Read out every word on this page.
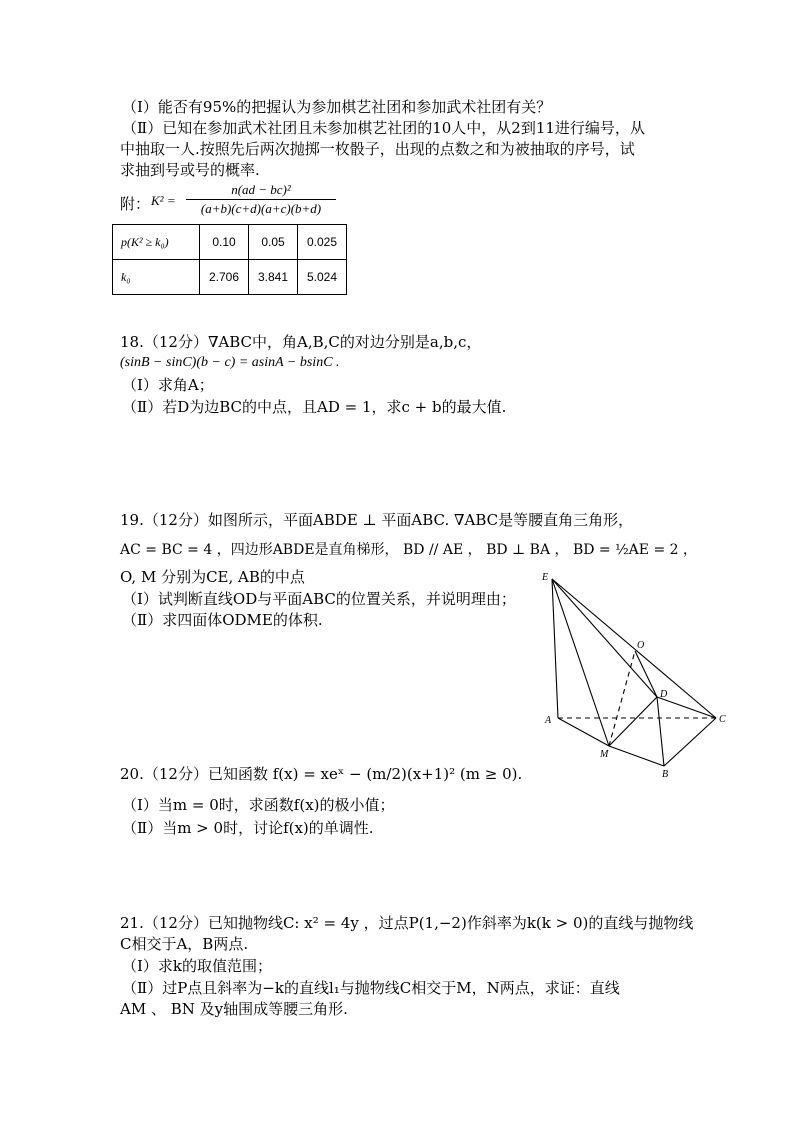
（Ⅰ）能否有95%的把握认为参加棋艺社团和参加武术社团有关？
（Ⅱ）已知在参加武术社团且未参加棋艺社团的10人中，从2到11进行编号，从
中抽取一人.按照先后两次抛掷一枚骰子，出现的点数之和为被抽取的序号，试
求抽到号或号的概率.
附： $K^2 = \frac{\text{n(ad − bc)²}}{(a+b)(c+d)(a+c)(b+d)}$
p(K² ≥ k₀)	0.10	0.05	0.025
k₀	2.706	3.841	5.024
18.（12分）∇ABC中，角A,B,C的对边分别是a,b,c，
(sinB − sinC)(b − c) = asinA − bsinC .
（Ⅰ）求角A；
（Ⅱ）若D为边BC的中点，且AD = 1，求c + b的最大值.
19.（12分）如图所示，平面ABDE ⊥ 平面ABC. ∇ABC是等腰直角三角形，
AC = BC = 4 ，四边形ABDE是直角梯形， BD // AE ， BD ⊥ BA ， BD = ½AE = 2 ，
O, M 分别为CE, AB的中点
（Ⅰ）试判断直线OD与平面ABC的位置关系，并说明理由；
（Ⅱ）求四面体ODME的体积.
E
O
D
A	C
M
B
20.（12分）已知函数 f(x) = xeˣ − (m/2)(x+1)² (m ≥ 0).
（Ⅰ）当m = 0时，求函数f(x)的极小值；
（Ⅱ）当m > 0时，讨论f(x)的单调性.
21.（12分）已知抛物线C: x² = 4y ，过点P(1,−2)作斜率为k(k > 0)的直线与抛物线
C相交于A，B两点.
（Ⅰ）求k的取值范围；
（Ⅱ）过P点且斜率为−k的直线l₁与抛物线C相交于M，N两点，求证：直线
AM 、 BN 及y轴围成等腰三角形.
